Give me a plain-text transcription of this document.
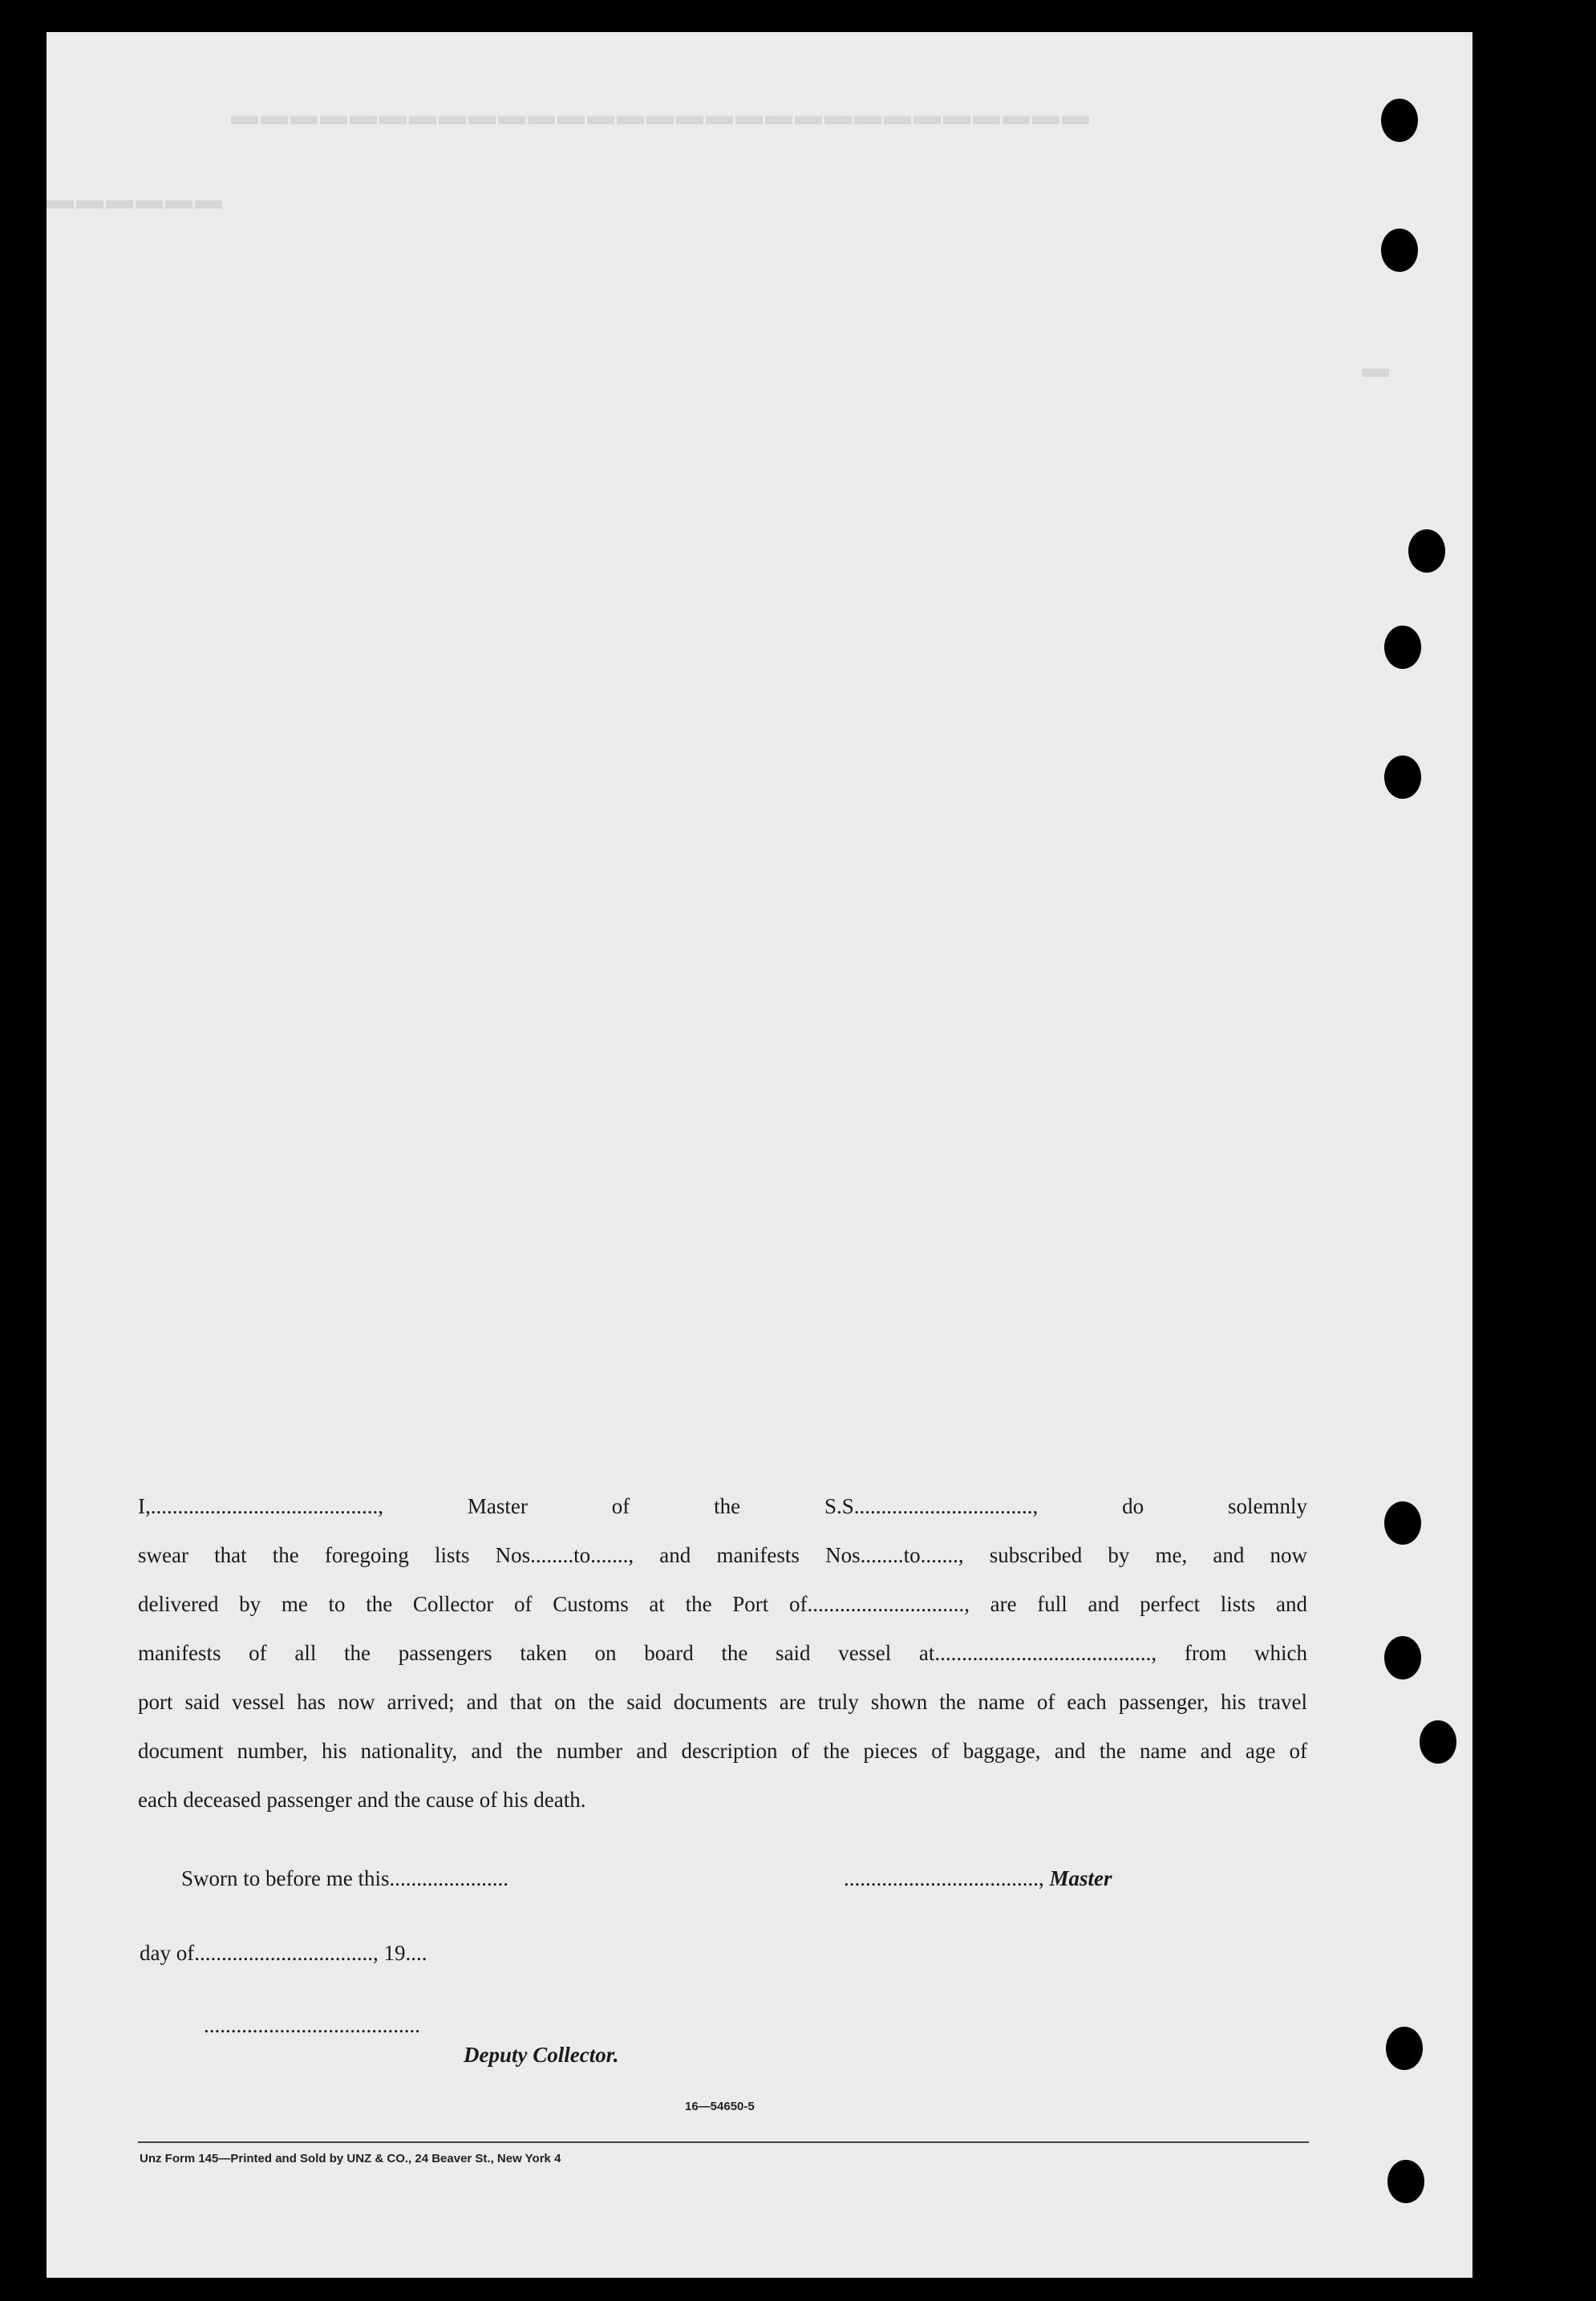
▬▬▬▬▬▬▬▬▬▬▬▬▬▬▬▬▬▬▬▬▬▬▬▬▬▬▬▬▬
▬▬▬▬▬▬
▬
I,.........................................., Master of the S.S................................., do solemnly
swear that the foregoing lists Nos........to......., and manifests Nos........to......., subscribed by me, and now
delivered by me to the Collector of Customs at the Port of............................., are full and perfect lists and
manifests of all the passengers taken on board the said vessel at........................................, from which
port said vessel has now arrived; and that on the said documents are truly shown the name of each passenger, his travel
document number, his nationality, and the number and description of the pieces of baggage, and the name and age of
each deceased passenger and the cause of his death.
Sworn to before me this......................	...................................., Master
day of................................., 19....
........................................
Deputy Collector.
16—54650-5
Unz Form 145—Printed and Sold by UNZ & CO., 24 Beaver St., New York 4
